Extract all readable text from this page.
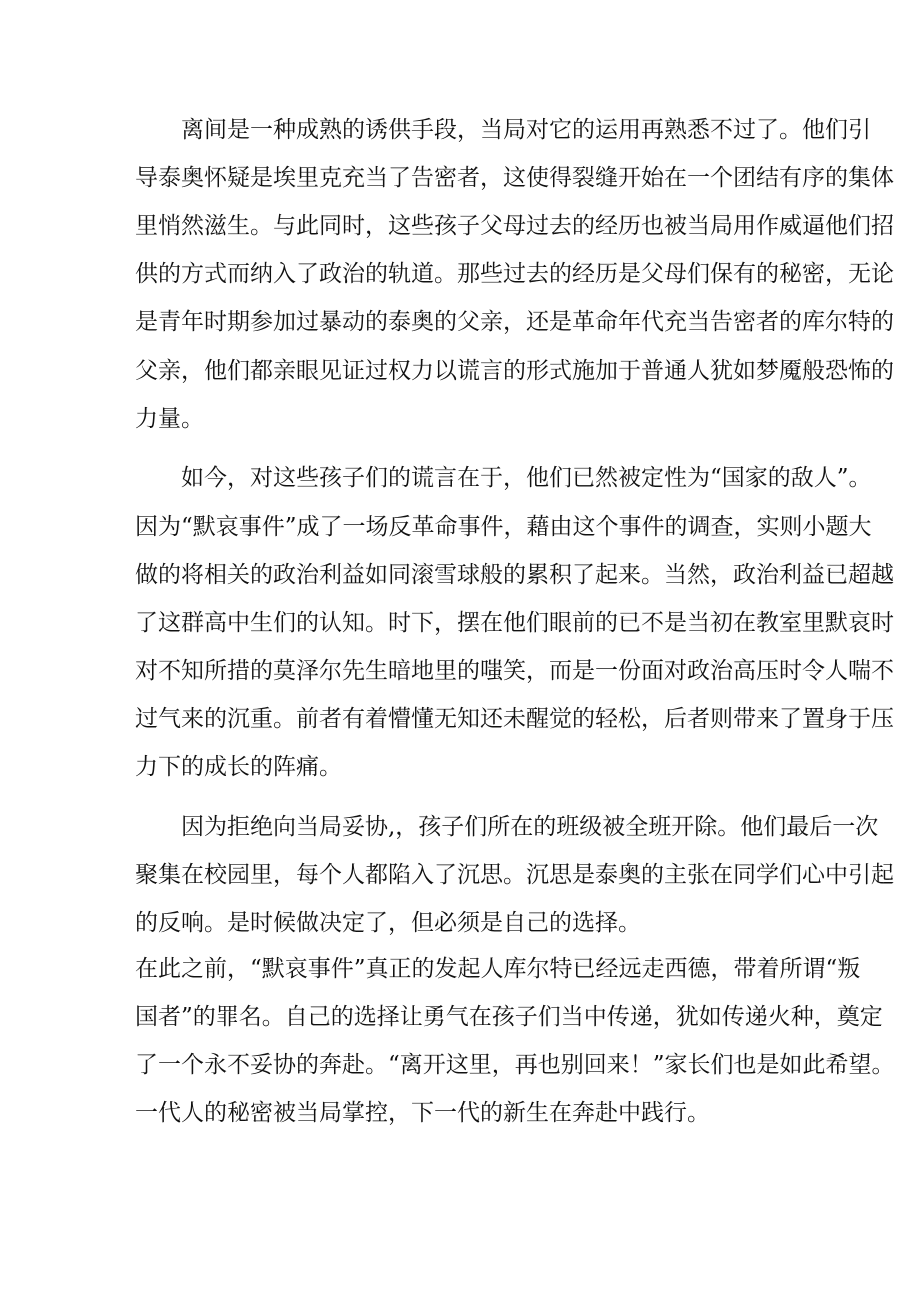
离间是一种成熟的诱供手段，当局对它的运用再熟悉不过了。他们引
导泰奥怀疑是埃里克充当了告密者，这使得裂缝开始在一个团结有序的集体
里悄然滋生。与此同时，这些孩子父母过去的经历也被当局用作威逼他们招
供的方式而纳入了政治的轨道。那些过去的经历是父母们保有的秘密，无论
是青年时期参加过暴动的泰奥的父亲，还是革命年代充当告密者的库尔特的
父亲，他们都亲眼见证过权力以谎言的形式施加于普通人犹如梦魇般恐怖的
力量。
如今，对这些孩子们的谎言在于，他们已然被定性为“国家的敌人”。
因为“默哀事件”成了一场反革命事件，藉由这个事件的调查，实则小题大
做的将相关的政治利益如同滚雪球般的累积了起来。当然，政治利益已超越
了这群高中生们的认知。时下，摆在他们眼前的已不是当初在教室里默哀时
对不知所措的莫泽尔先生暗地里的嗤笑，而是一份面对政治高压时令人喘不
过气来的沉重。前者有着懵懂无知还未醒觉的轻松，后者则带来了置身于压
力下的成长的阵痛。
因为拒绝向当局妥协,，孩子们所在的班级被全班开除。他们最后一次
聚集在校园里，每个人都陷入了沉思。沉思是泰奥的主张在同学们心中引起
的反响。是时候做决定了，但必须是自己的选择。
在此之前，“默哀事件”真正的发起人库尔特已经远走西德，带着所谓“叛
国者”的罪名。自己的选择让勇气在孩子们当中传递，犹如传递火种，奠定
了一个永不妥协的奔赴。“离开这里，再也别回来！”家长们也是如此希望。
一代人的秘密被当局掌控，下一代的新生在奔赴中践行。
